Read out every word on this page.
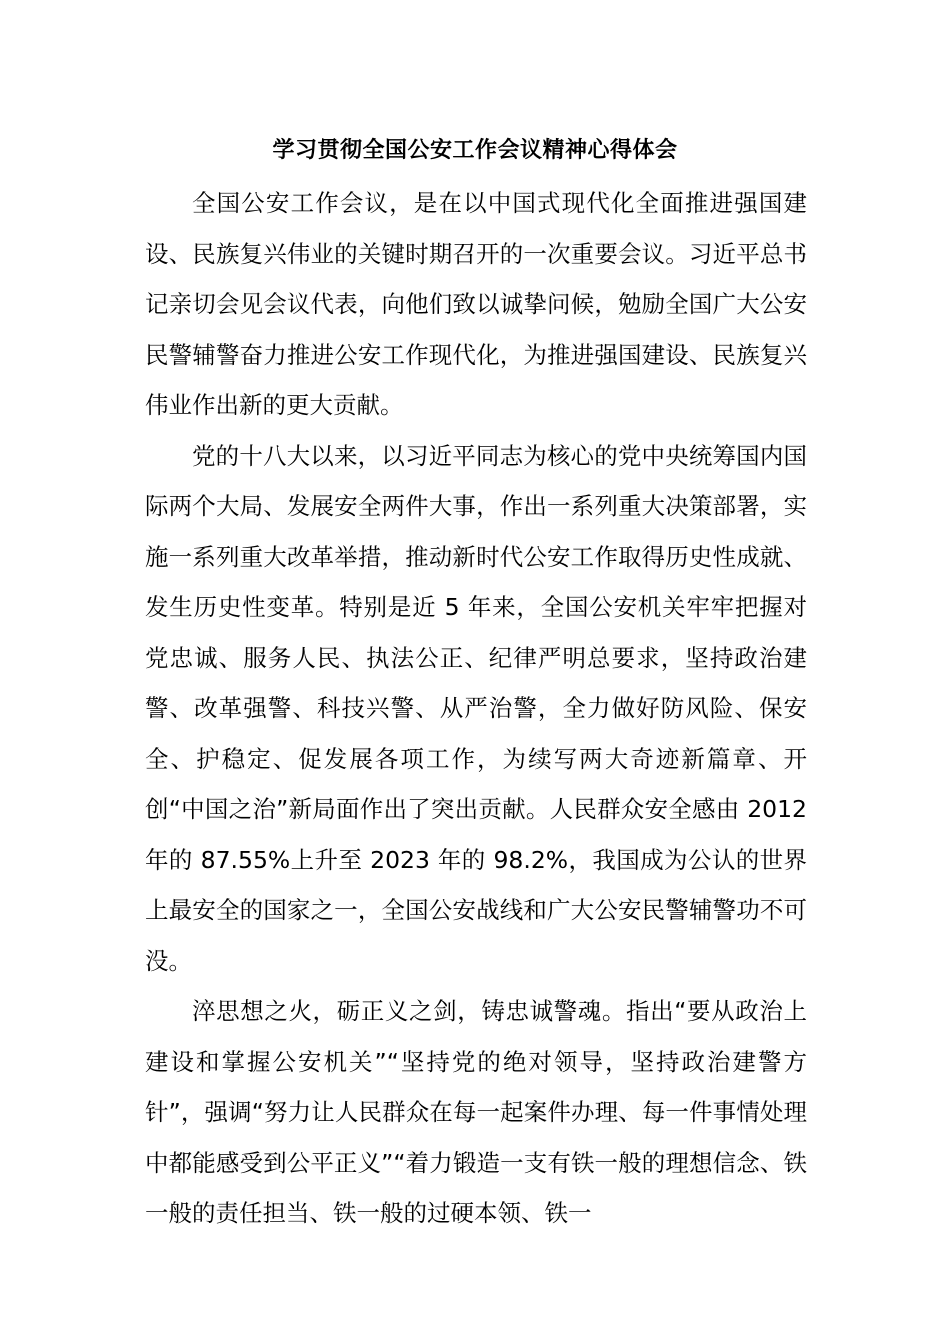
学习贯彻全国公安工作会议精神心得体会

全国公安工作会议，是在以中国式现代化全面推进强国建设、民族复兴伟业的关键时期召开的一次重要会议。习近平总书记亲切会见会议代表，向他们致以诚挚问候，勉励全国广大公安民警辅警奋力推进公安工作现代化，为推进强国建设、民族复兴伟业作出新的更大贡献。

党的十八大以来，以习近平同志为核心的党中央统筹国内国际两个大局、发展安全两件大事，作出一系列重大决策部署，实施一系列重大改革举措，推动新时代公安工作取得历史性成就、发生历史性变革。特别是近 5 年来，全国公安机关牢牢把握对党忠诚、服务人民、执法公正、纪律严明总要求，坚持政治建警、改革强警、科技兴警、从严治警，全力做好防风险、保安全、护稳定、促发展各项工作，为续写两大奇迹新篇章、开创“中国之治”新局面作出了突出贡献。人民群众安全感由 2012 年的 87.55%上升至 2023 年的 98.2%，我国成为公认的世界上最安全的国家之一，全国公安战线和广大公安民警辅警功不可没。

淬思想之火，砺正义之剑，铸忠诚警魂。指出“要从政治上建设和掌握公安机关”“坚持党的绝对领导，坚持政治建警方针”，强调“努力让人民群众在每一起案件办理、每一件事情处理中都能感受到公平正义”“着力锻造一支有铁一般的理想信念、铁一般的责任担当、铁一般的过硬本领、铁一
